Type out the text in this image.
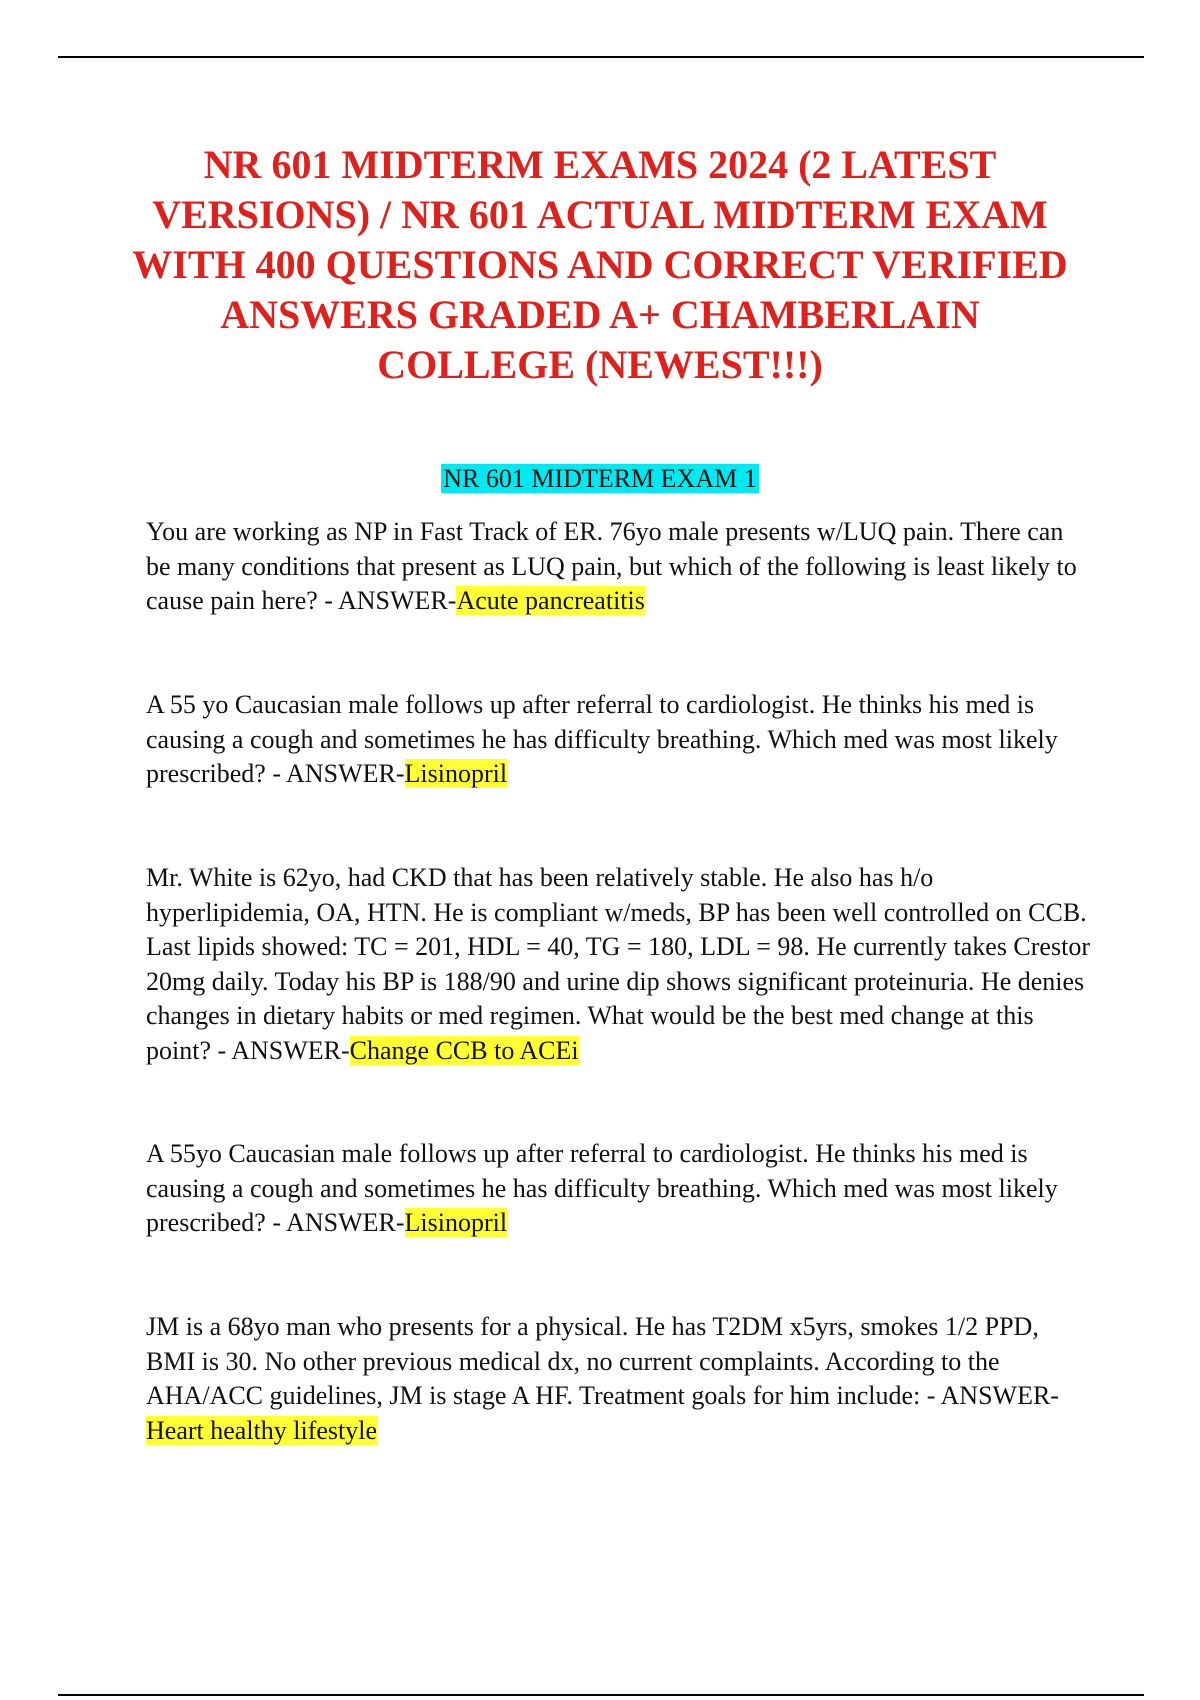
NR 601 MIDTERM EXAMS 2024 (2 LATEST VERSIONS) / NR 601 ACTUAL MIDTERM EXAM WITH 400 QUESTIONS AND CORRECT VERIFIED ANSWERS GRADED A+ CHAMBERLAIN COLLEGE (NEWEST!!!)
NR 601 MIDTERM EXAM 1

You are working as NP in Fast Track of ER. 76yo male presents w/LUQ pain. There can be many conditions that present as LUQ pain, but which of the following is least likely to cause pain here? - ANSWER-Acute pancreatitis

A 55 yo Caucasian male follows up after referral to cardiologist. He thinks his med is causing a cough and sometimes he has difficulty breathing. Which med was most likely prescribed? - ANSWER-Lisinopril

Mr. White is 62yo, had CKD that has been relatively stable. He also has h/o hyperlipidemia, OA, HTN. He is compliant w/meds, BP has been well controlled on CCB. Last lipids showed: TC = 201, HDL = 40, TG = 180, LDL = 98. He currently takes Crestor 20mg daily. Today his BP is 188/90 and urine dip shows significant proteinuria. He denies changes in dietary habits or med regimen. What would be the best med change at this point? - ANSWER-Change CCB to ACEi

A 55yo Caucasian male follows up after referral to cardiologist. He thinks his med is causing a cough and sometimes he has difficulty breathing. Which med was most likely prescribed? - ANSWER-Lisinopril

JM is a 68yo man who presents for a physical. He has T2DM x5yrs, smokes 1/2 PPD, BMI is 30. No other previous medical dx, no current complaints. According to the AHA/ACC guidelines, JM is stage A HF. Treatment goals for him include: - ANSWER-Heart healthy lifestyle
